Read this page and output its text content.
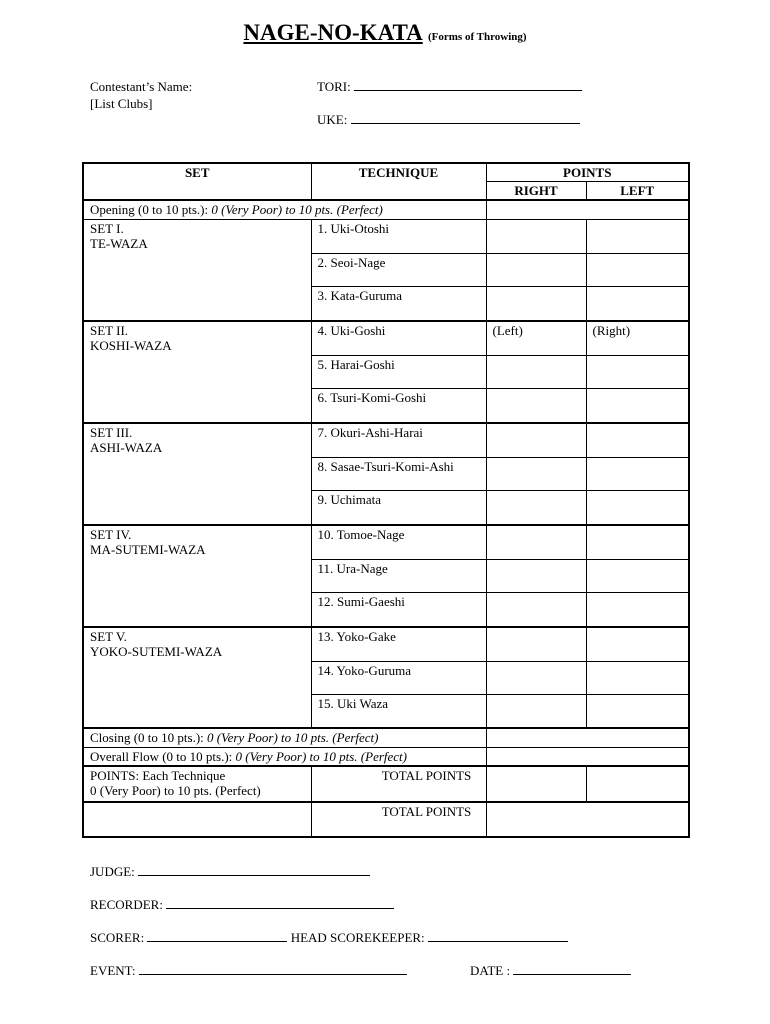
NAGE-NO-KATA (Forms of Throwing)
Contestant’s Name:
[List Clubs]
TORI:
UKE:
SET	TECHNIQUE	POINTS	
		RIGHT	LEFT
Opening (0 to 10 pts.): 0 (Very Poor) to 10 pts. (Perfect)			

SET I.
TE-WAZA	1. Uki-Otoshi		
	2. Seoi-Nage		
	3. Kata-Guruma		

SET II.
KOSHI-WAZA	4. Uki-Goshi	(Left)	(Right)
	5. Harai-Goshi		
	6. Tsuri-Komi-Goshi		

SET III.
ASHI-WAZA	7. Okuri-Ashi-Harai		
	8. Sasae-Tsuri-Komi-Ashi		
	9. Uchimata		

SET IV.
MA-SUTEMI-WAZA	10. Tomoe-Nage		
	11. Ura-Nage		
	12. Sumi-Gaeshi		

SET V.
YOKO-SUTEMI-WAZA	13. Yoko-Gake		
	14. Yoko-Guruma		
	15. Uki Waza		
Closing (0 to 10 pts.): 0 (Very Poor) to 10 pts. (Perfect)			
Overall Flow (0 to 10 pts.): 0 (Very Poor) to 10 pts. (Perfect)			

POINTS: Each Technique
0 (Very Poor) to 10 pts. (Perfect)	TOTAL POINTS		
	TOTAL POINTS		
JUDGE:
RECORDER:
SCORER:	HEAD SCOREKEEPER:
EVENT:	DATE :
